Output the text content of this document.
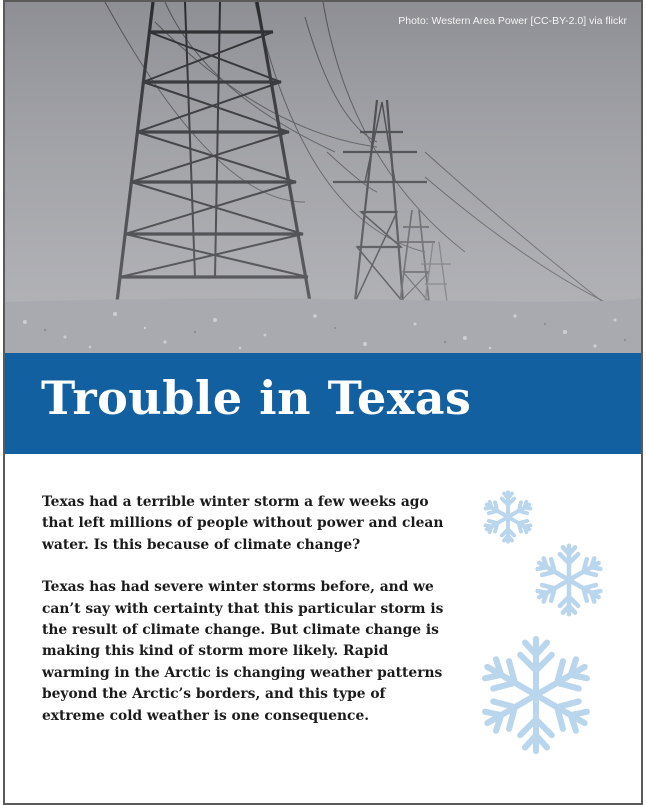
Photo: Western Area Power [CC-BY-2.0] via flickr

Trouble in Texas

Texas had a terrible winter storm a few weeks ago that left millions of people without power and clean water. Is this because of climate change?

Texas has had severe winter storms before, and we can’t say with certainty that this particular storm is the result of climate change. But climate change is making this kind of storm more likely. Rapid warming in the Arctic is changing weather patterns beyond the Arctic’s borders, and this type of extreme cold weather is one consequence.
